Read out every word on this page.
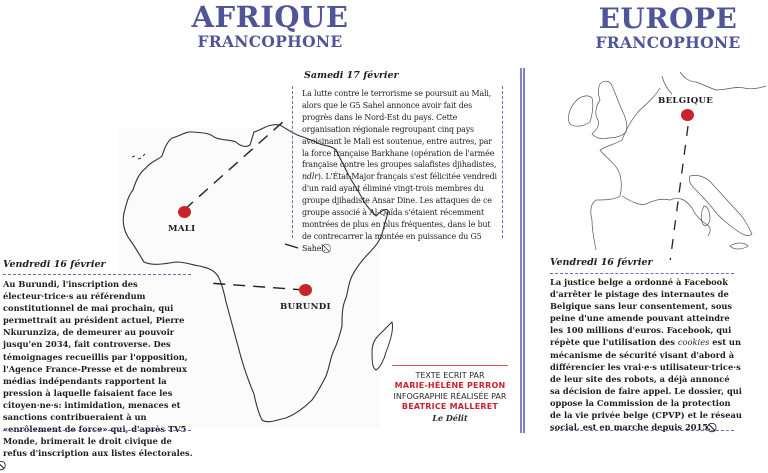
AFRIQUE
FRANCOPHONE
MALI
BURUNDI
Samedi 17 février
La lutte contre le terrorisme se poursuit au Mali, alors que le G5 Sahel annonce avoir fait des progrès dans le Nord-Est du pays. Cette organisation régionale regroupant cinq pays avoisinant le Mali est soutenue, entre autres, par la force française Barkhane (opération de l'armée française contre les groupes salafistes djihadistes, ndlr). L'État-Major français s'est félicitée vendredi d'un raid ayant éliminé vingt-trois membres du groupe djihadiste Ansar Dine. Les attaques de ce groupe associé à Al-Qaïda s'étaient récemment montrées de plus en plus fréquentes, dans le but de contrecarrer la montée en puissance du G5 Sahel.
Vendredi 16 février
Au Burundi, l'inscription des électeur·trice·s au référendum constitutionnel de mai prochain, qui permettrait au président actuel, Pierre Nkurunziza, de demeurer au pouvoir jusqu'en 2034, fait controverse. Des témoignages recueillis par l'opposition, l'Agence France-Presse et de nombreux médias indépendants rapportent la pression à laquelle faisaient face les citoyen·ne·s: intimidation, menaces et sanctions contribueraient à un «enrôlement de force» qui, d'après TV5 Monde, brimerait le droit civique de refus d'inscription aux listes électorales.
TEXTE ECRIT PAR
MARIE-HÉLÈNE PERRON
INFOGRAPHIE RÉALISÉE PAR
BEATRICE MALLERET
Le Délit
EUROPE
FRANCOPHONE
BELGIQUE
Vendredi 16 février
La justice belge a ordonné à Facebook d'arrêter le pistage des internautes de Belgique sans leur consentement, sous peine d'une amende pouvant atteindre les 100 millions d'euros. Facebook, qui répète que l'utilisation des cookies est un mécanisme de sécurité visant d'abord à différencier les vrai·e·s utilisateur·trice·s de leur site des robots, a déjà annoncé sa décision de faire appel. Le dossier, qui oppose la Commission de la protection de la vie privée belge (CPVP) et le réseau social, est en marche depuis 2015.
